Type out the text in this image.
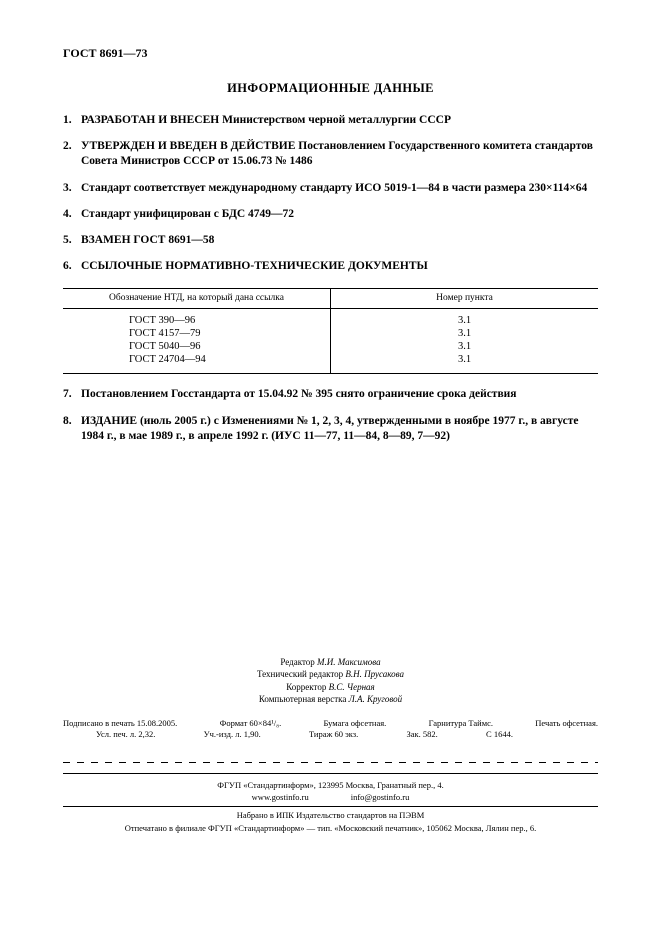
ГОСТ 8691—73
ИНФОРМАЦИОННЫЕ ДАННЫЕ
1. РАЗРАБОТАН И ВНЕСЕН Министерством черной металлургии СССР
2. УТВЕРЖДЕН И ВВЕДЕН В ДЕЙСТВИЕ Постановлением Государственного комитета стандартов Совета Министров СССР от 15.06.73 № 1486
3. Стандарт соответствует международному стандарту ИСО 5019-1—84 в части размера 230×114×64
4. Стандарт унифицирован с БДС 4749—72
5. ВЗАМЕН ГОСТ 8691—58
6. ССЫЛОЧНЫЕ НОРМАТИВНО-ТЕХНИЧЕСКИЕ ДОКУМЕНТЫ
Обозначение НТД, на который дана ссылка	Номер пункта
ГОСТ 390—96	3.1
ГОСТ 4157—79	3.1
ГОСТ 5040—96	3.1
ГОСТ 24704—94	3.1
7. Постановлением Госстандарта от 15.04.92 № 395 снято ограничение срока действия
8. ИЗДАНИЕ (июль 2005 г.) с Изменениями № 1, 2, 3, 4, утвержденными в ноябре 1977 г., в августе 1984 г., в мае 1989 г., в апреле 1992 г. (ИУС 11—77, 11—84, 8—89, 7—92)
Редактор М.И. Максимова
Технический редактор В.Н. Прусакова
Корректор В.С. Черная
Компьютерная верстка Л.А. Круговой
Подписано в печать 15.08.2005.	Формат 60×84¹/₈.	Бумага офсетная.	Гарнитура Таймс.	Печать офсетная.
Усл. печ. л. 2,32.	Уч.-изд. л. 1,90.	Тираж 60 экз.	Зак. 582.	С 1644.
ФГУП «Стандартинформ», 123995 Москва, Гранатный пер., 4.
www.gostinfo.ru	info@gostinfo.ru
Набрано в ИПК Издательство стандартов на ПЭВМ
Отпечатано в филиале ФГУП «Стандартинформ» — тип. «Московский печатник», 105062 Москва, Лялин пер., 6.
